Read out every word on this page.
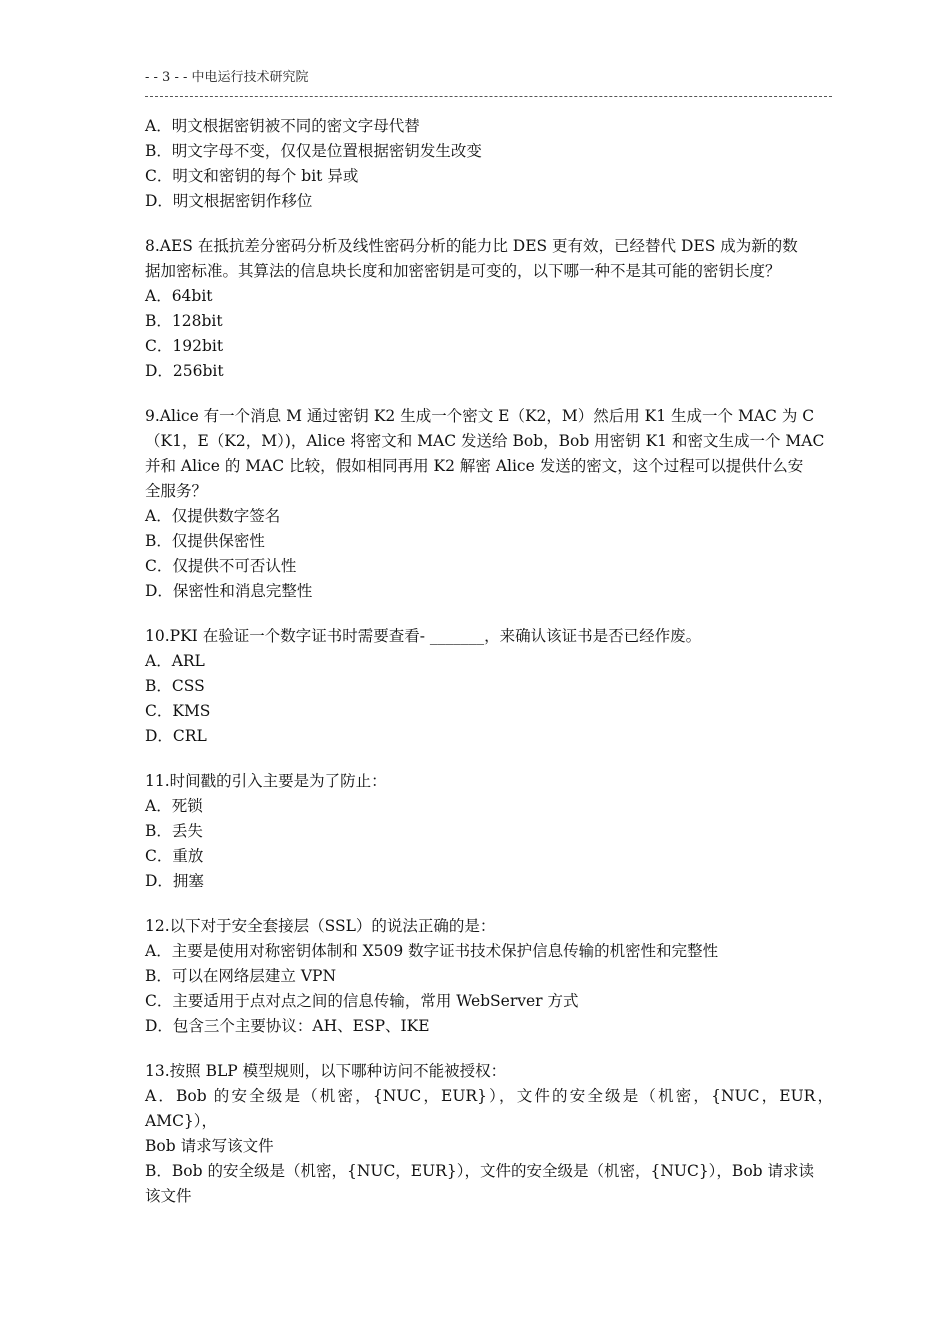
- - 3 - - 中电运行技术研究院
A．明文根据密钥被不同的密文字母代替
B．明文字母不变，仅仅是位置根据密钥发生改变
C．明文和密钥的每个 bit 异或
D．明文根据密钥作移位
8.AES 在抵抗差分密码分析及线性密码分析的能力比 DES 更有效，已经替代 DES 成为新的数
据加密标准。其算法的信息块长度和加密密钥是可变的，以下哪一种不是其可能的密钥长度？
A．64bit
B．128bit
C．192bit
D．256bit
9.Alice 有一个消息 M 通过密钥 K2 生成一个密文 E（K2，M）然后用 K1 生成一个 MAC 为 C
（K1，E（K2，M）)，Alice 将密文和 MAC 发送给 Bob，Bob 用密钥 K1 和密文生成一个 MAC
并和 Alice 的 MAC 比较，假如相同再用 K2 解密 Alice 发送的密文，这个过程可以提供什么安
全服务？
A．仅提供数字签名
B．仅提供保密性
C．仅提供不可否认性
D．保密性和消息完整性
10.PKI 在验证一个数字证书时需要查看- _______，来确认该证书是否已经作废。
A．ARL
B．CSS
C．KMS
D．CRL
11.时间戳的引入主要是为了防止：
A．死锁
B．丢失
C．重放
D．拥塞
12.以下对于安全套接层（SSL）的说法正确的是：
A．主要是使用对称密钥体制和 X509 数字证书技术保护信息传输的机密性和完整性
B．可以在网络层建立 VPN
C．主要适用于点对点之间的信息传输，常用 WebServer 方式
D．包含三个主要协议：AH、ESP、IKE
13.按照 BLP 模型规则，以下哪种访问不能被授权：
A．Bob 的安全级是（机密，{NUC，EUR}），文件的安全级是（机密，{NUC，EUR，AMC}），
Bob 请求写该文件
B．Bob 的安全级是（机密，{NUC，EUR}），文件的安全级是（机密，{NUC}），Bob 请求读
该文件
